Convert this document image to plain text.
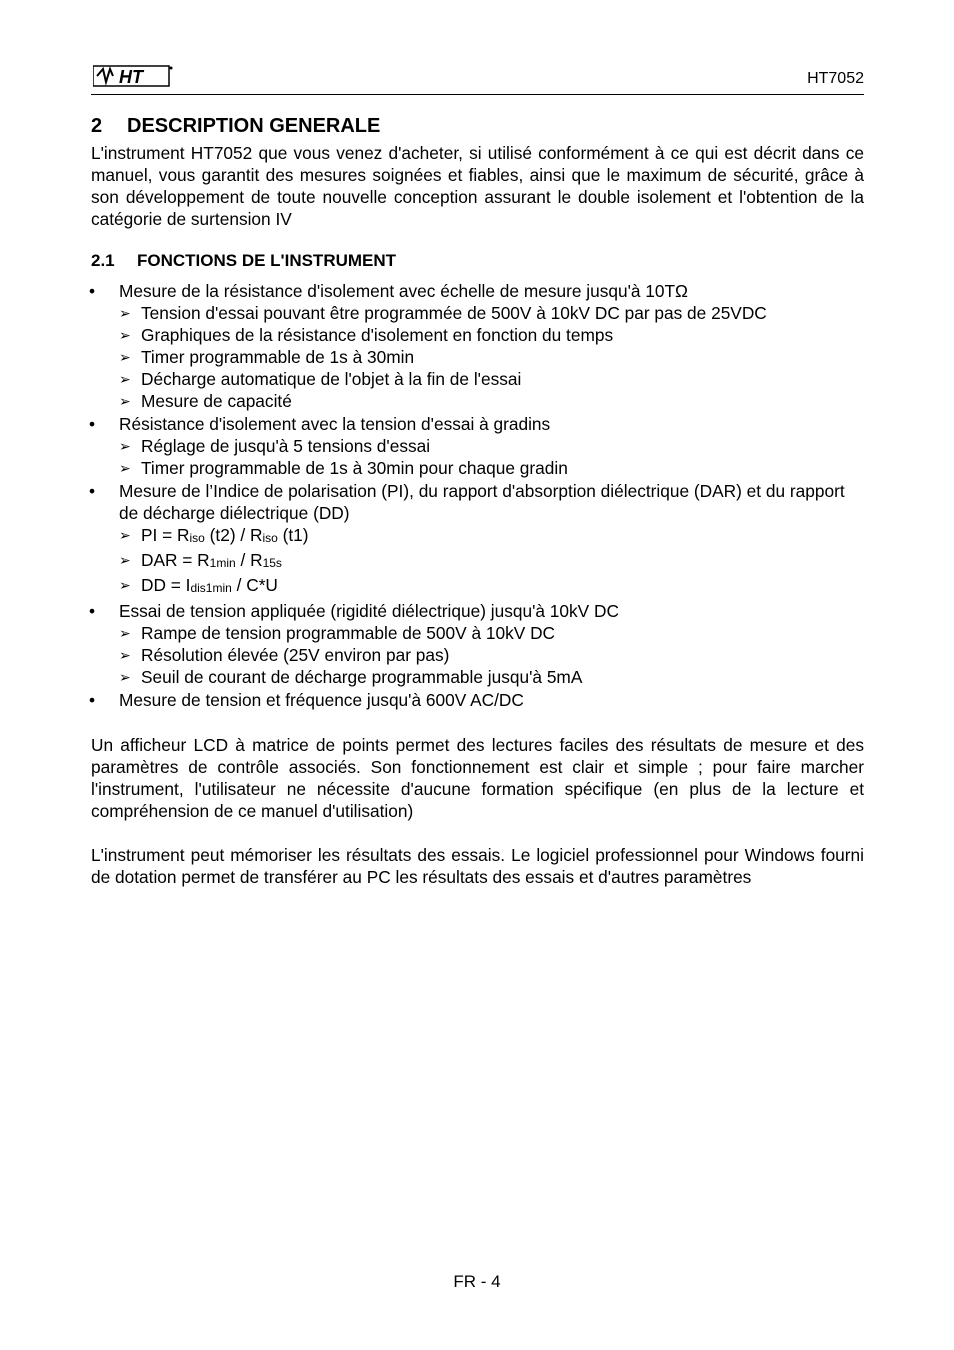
HT	HT7052
2 DESCRIPTION GENERALE

L'instrument HT7052 que vous venez d'acheter, si utilisé conformément à ce qui est décrit dans ce manuel, vous garantit des mesures soignées et fiables, ainsi que le maximum de sécurité, grâce à son développement de toute nouvelle conception assurant le double isolement et l'obtention de la catégorie de surtension IV

2.1 FONCTIONS DE L'INSTRUMENT
• Mesure de la résistance d'isolement avec échelle de mesure jusqu'à 10TΩ
➢ Tension d'essai pouvant être programmée de 500V à 10kV DC par pas de 25VDC
➢ Graphiques de la résistance d'isolement en fonction du temps
➢ Timer programmable de 1s à 30min
➢ Décharge automatique de l'objet à la fin de l'essai
➢ Mesure de capacité
• Résistance d'isolement avec la tension d'essai à gradins
➢ Réglage de jusqu'à 5 tensions d'essai
➢ Timer programmable de 1s à 30min pour chaque gradin
• Mesure de l’Indice de polarisation (PI), du rapport d'absorption diélectrique (DAR) et du rapport de décharge diélectrique (DD)
➢ PI = $R_{iso}$ $(t2) / R_{iso}$ (t1)
➢ DAR = $R_{1min} / R_{15s}$
➢ DD = $I_{dis1min} / C*U$
• Essai de tension appliquée (rigidité diélectrique) jusqu'à 10kV DC
➢ Rampe de tension programmable de 500V à 10kV DC
➢ Résolution élevée (25V environ par pas)
➢ Seuil de courant de décharge programmable jusqu'à 5mA
• Mesure de tension et fréquence jusqu'à 600V AC/DC

Un afficheur LCD à matrice de points permet des lectures faciles des résultats de mesure et des paramètres de contrôle associés. Son fonctionnement est clair et simple ; pour faire marcher l'instrument, l'utilisateur ne nécessite d'aucune formation spécifique (en plus de la lecture et compréhension de ce manuel d'utilisation)

L'instrument peut mémoriser les résultats des essais. Le logiciel professionnel pour Windows fourni de dotation permet de transférer au PC les résultats des essais et d'autres paramètres

FR - 4
